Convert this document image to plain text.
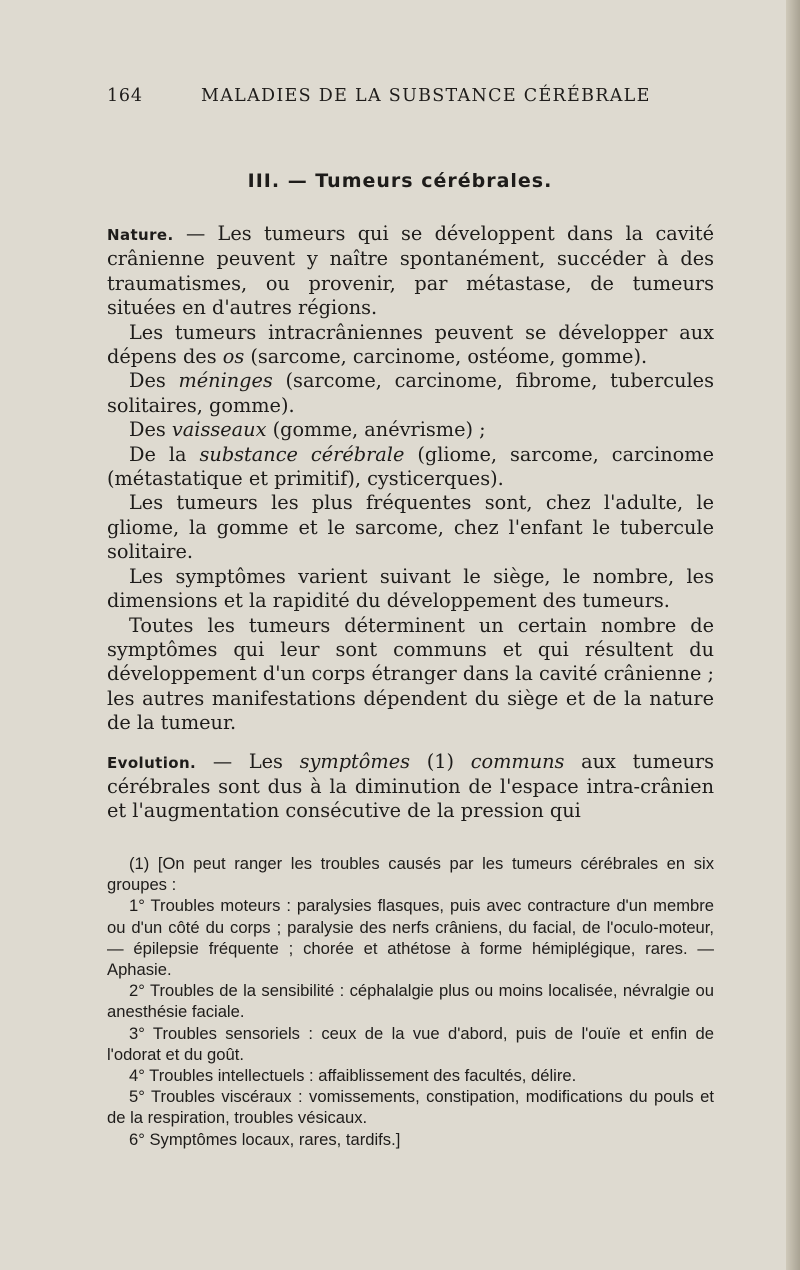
164	MALADIES DE LA SUBSTANCE CÉRÉBRALE
III. — Tumeurs cérébrales.

Nature. — Les tumeurs qui se développent dans la cavité crânienne peuvent y naître spontanément, succéder à des traumatismes, ou provenir, par métastase, de tumeurs situées en d'autres régions.

Les tumeurs intracrâniennes peuvent se développer aux dépens des os (sarcome, carcinome, ostéome, gomme).

Des méninges (sarcome, carcinome, fibrome, tubercules solitaires, gomme).

Des vaisseaux (gomme, anévrisme) ;

De la substance cérébrale (gliome, sarcome, carcinome (métastatique et primitif), cysticerques).

Les tumeurs les plus fréquentes sont, chez l'adulte, le gliome, la gomme et le sarcome, chez l'enfant le tubercule solitaire.

Les symptômes varient suivant le siège, le nombre, les dimensions et la rapidité du développement des tumeurs.

Toutes les tumeurs déterminent un certain nombre de symptômes qui leur sont communs et qui résultent du développement d'un corps étranger dans la cavité crânienne ; les autres manifestations dépendent du siège et de la nature de la tumeur.

Evolution. — Les symptômes (1) communs aux tumeurs cérébrales sont dus à la diminution de l'espace intra-crânien et l'augmentation consécutive de la pression qui

(1) [On peut ranger les troubles causés par les tumeurs cérébrales en six groupes :

1° Troubles moteurs : paralysies flasques, puis avec contracture d'un membre ou d'un côté du corps ; paralysie des nerfs crâniens, du facial, de l'oculo-moteur, — épilepsie fréquente ; chorée et athétose à forme hémiplégique, rares. — Aphasie.

2° Troubles de la sensibilité : céphalalgie plus ou moins localisée, névralgie ou anesthésie faciale.

3° Troubles sensoriels : ceux de la vue d'abord, puis de l'ouïe et enfin de l'odorat et du goût.

4° Troubles intellectuels : affaiblissement des facultés, délire.

5° Troubles viscéraux : vomissements, constipation, modifications du pouls et de la respiration, troubles vésicaux.

6° Symptômes locaux, rares, tardifs.]
